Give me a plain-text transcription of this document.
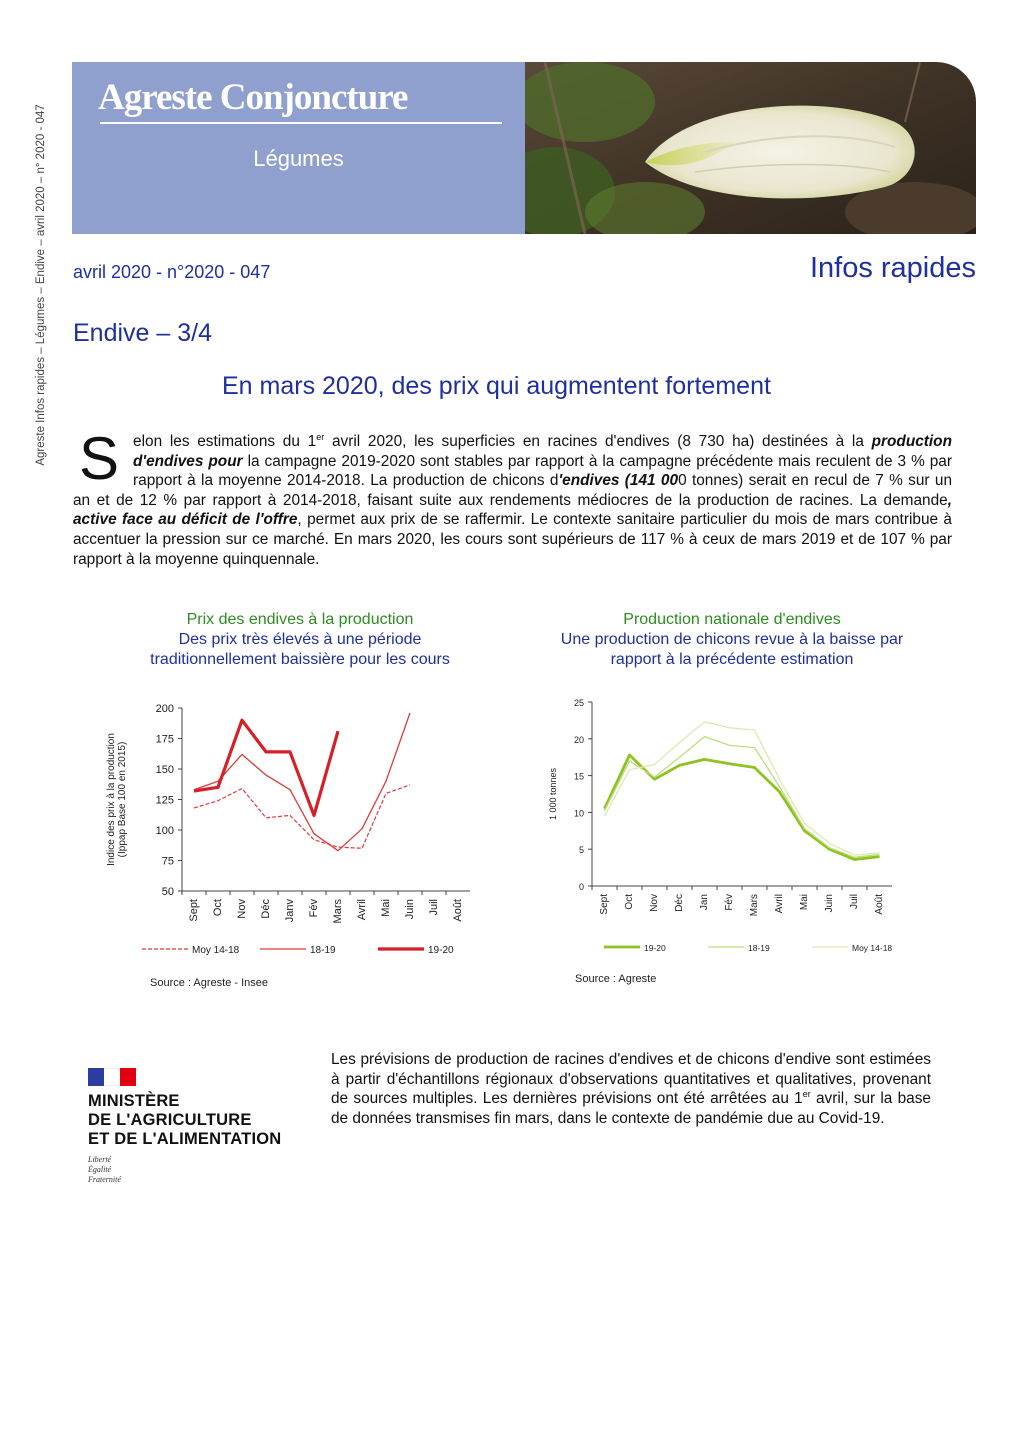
Agreste Infos rapides – Légumes – Endive – avril 2020 – n° 2020 - 047
Agreste Conjoncture
Légumes
avril 2020 - n°2020 - 047	Infos rapides
Endive – 3/4
En mars 2020, des prix qui augmentent fortement
Selon les estimations du 1er avril 2020, les superficies en racines d'endives (8 730 ha) destinées à la production d'endives pour la campagne 2019-2020 sont stables par rapport à la campagne précédente mais reculent de 3 % par rapport à la moyenne 2014-2018. La production de chicons d'endives (141 000 tonnes) serait en recul de 7 % sur un an et de 12 % par rapport à 2014-2018, faisant suite aux rendements médiocres de la production de racines. La demande, active face au déficit de l'offre, permet aux prix de se raffermir. Le contexte sanitaire particulier du mois de mars contribue à accentuer la pression sur ce marché. En mars 2020, les cours sont supérieurs de 117 % à ceux de mars 2019 et de 107 % par rapport à la moyenne quinquennale.
Prix des endives à la production
Des prix très élevés à une période
traditionnellement baissière pour les cours
Production nationale d'endives
Une production de chicons revue à la baisse par
rapport à la précédente estimation
50
75
100
125
150
175
200
Sept Oct Nov Déc Janv Fév Mars Avril Mai Juin Juil Août
Indice des prix à la production(Ippap Base 100 en 2015)
Moy 14-18	18-19	19-20
0
5
10
15
20
25
Sept Oct Nov Déc Jan Fév Mars Avril Mai Juin Juil Août
1 000 tonnes
19-20	18-19	Moy 14-18
Source : Agreste - Insee	Source : Agreste
MINISTÈRE
DE L'AGRICULTURE
ET DE L'ALIMENTATION
Liberté
Égalité
Fraternité
Les prévisions de production de racines d'endives et de chicons d'endive sont estimées à partir d'échantillons régionaux d'observations quantitatives et qualitatives, provenant de sources multiples. Les dernières prévisions ont été arrêtées au 1er avril, sur la base de données transmises fin mars, dans le contexte de pandémie due au Covid-19.
